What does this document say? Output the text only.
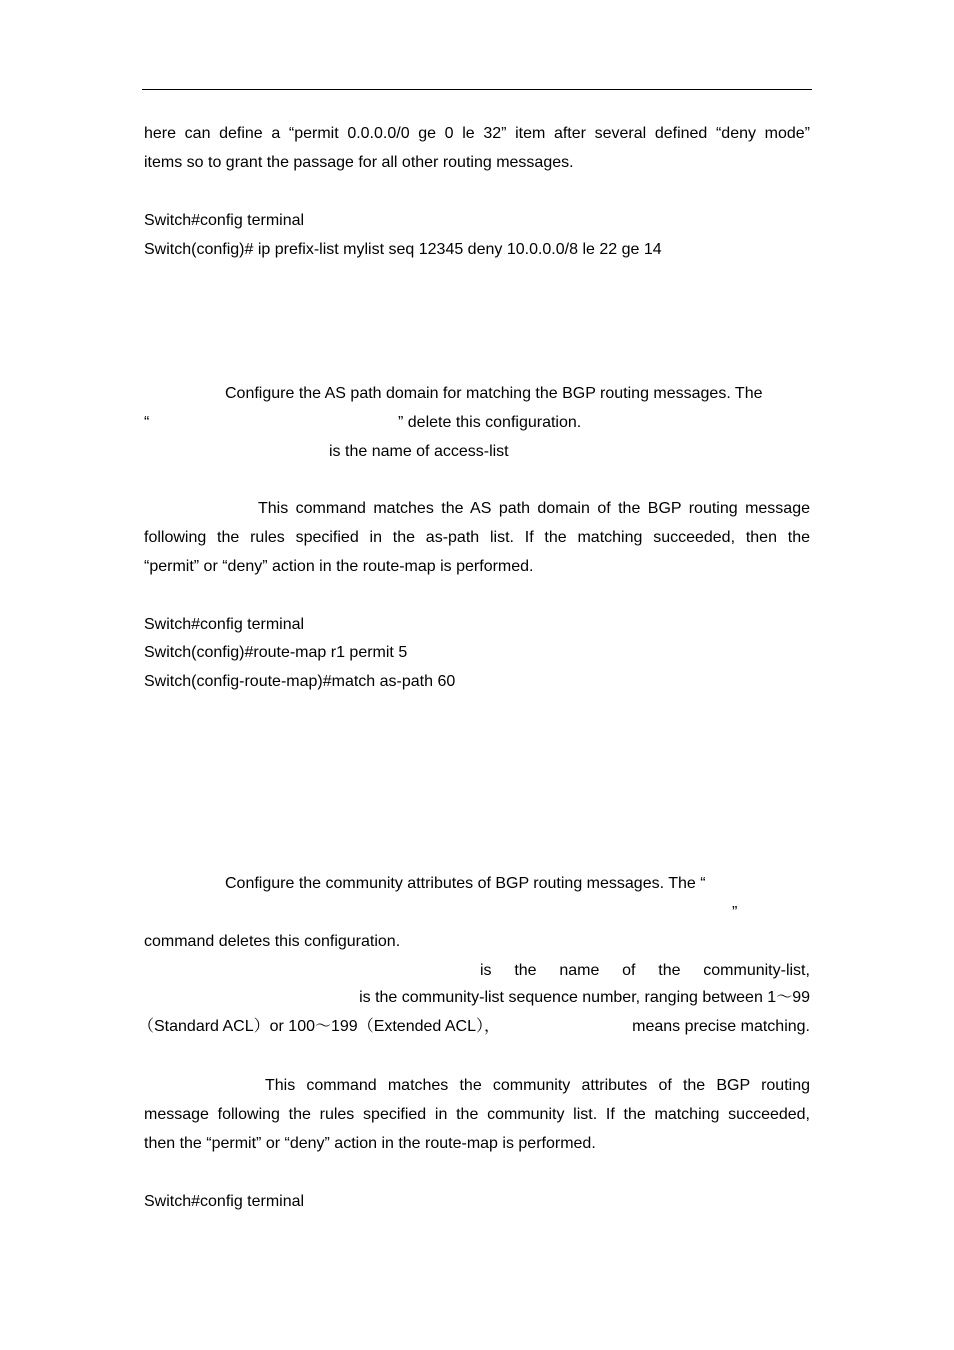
here can define a “permit 0.0.0.0/0 ge 0 le 32” item after several defined “deny mode”
items so to grant the passage for all other routing messages.
Switch#config terminal
Switch(config)# ip prefix-list mylist seq 12345 deny 10.0.0.0/8 le 22 ge 14
Configure the AS path domain for matching the BGP routing messages. The
“	” delete this configuration.
is the name of access-list
This command matches the AS path domain of the BGP routing message
following the rules specified in the as-path list. If the matching succeeded, then the
“permit” or “deny” action in the route-map is performed.
Switch#config terminal
Switch(config)#route-map r1 permit 5
Switch(config-route-map)#match as-path 60
Configure the community attributes of BGP routing messages. The “
”
command deletes this configuration.
is the name of the community-list,
is the community-list sequence number, ranging between 1～99
（Standard ACL）or 100～199（Extended ACL），	means precise matching.
This command matches the community attributes of the BGP routing
message following the rules specified in the community list. If the matching succeeded,
then the “permit” or “deny” action in the route-map is performed.
Switch#config terminal
